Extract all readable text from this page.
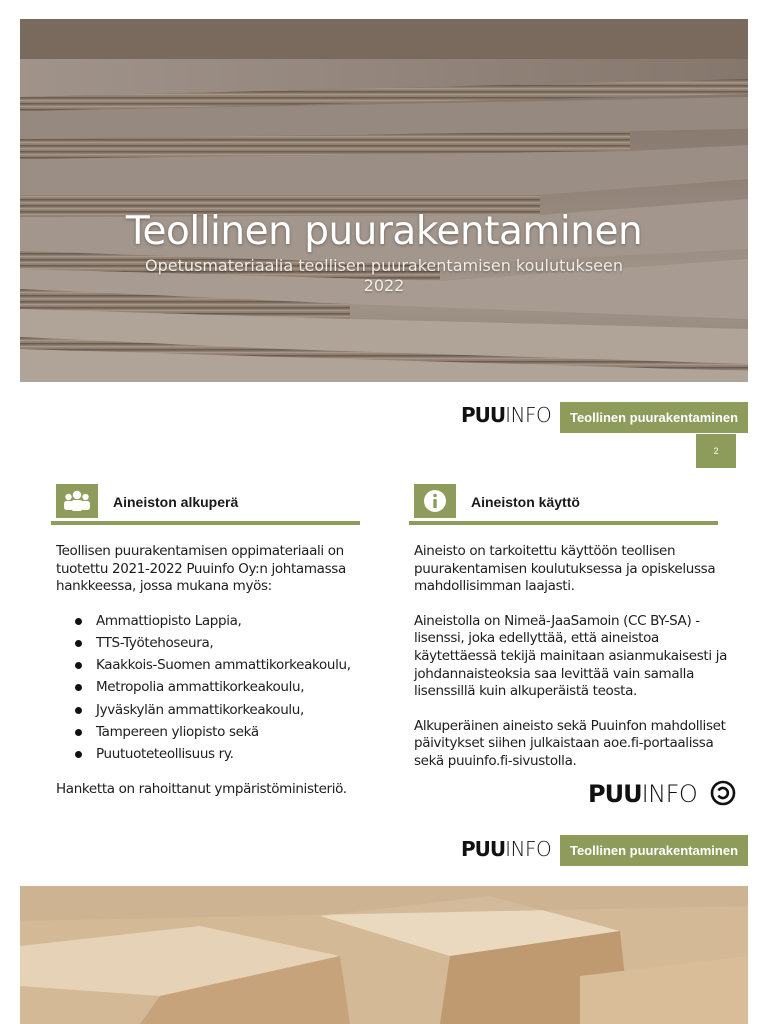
Teollinen puurakentaminen
Opetusmateriaalia teollisen puurakentamisen koulutukseen 2022
PUUINFO	Teollinen puurakentaminen
2
Aineiston alkuperä

Teollisen puurakentamisen oppimateriaali on tuotettu 2021-2022 Puuinfo Oy:n johtamassa hankkeessa, jossa mukana myös:

Ammattiopisto Lappia,
TTS-Työtehoseura,
Kaakkois-Suomen ammattikorkeakoulu,
Metropolia ammattikorkeakoulu,
Jyväskylän ammattikorkeakoulu,
Tampereen yliopisto sekä
Puutuoteteollisuus ry.

Hanketta on rahoittanut ympäristöministeriö.

Aineiston käyttö

Aineisto on tarkoitettu käyttöön teollisen puurakentamisen koulutuksessa ja opiskelussa mahdollisimman laajasti.

Aineistolla on Nimeä-JaaSamoin (CC BY-SA) -lisenssi, joka edellyttää, että aineistoa käytettäessä tekijä mainitaan asianmukaisesti ja johdannaisteoksia saa levittää vain samalla lisenssillä kuin alkuperäistä teosta.

Alkuperäinen aineisto sekä Puuinfon mahdolliset päivitykset siihen julkaistaan aoe.fi-portaalissa sekä puuinfo.fi-sivustolla.

PUUINFO
PUUINFO	Teollinen puurakentaminen
